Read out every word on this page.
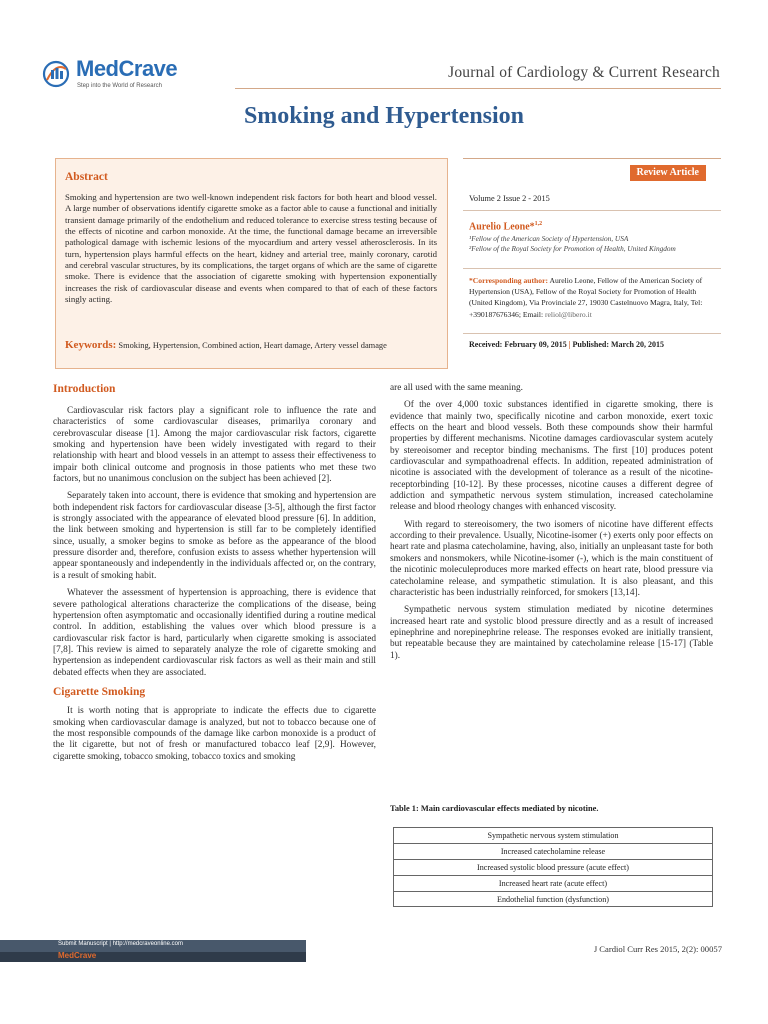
MedCrave
Step into the World of Research
Journal of Cardiology & Current Research
Smoking and Hypertension
Abstract
Smoking and hypertension are two well-known independent risk factors for both heart and blood vessel. A large number of observations identify cigarette smoke as a factor able to cause a functional and initially transient damage primarily of the endothelium and reduced tolerance to exercise stress testing because of the effects of nicotine and carbon monoxide. At the time, the functional damage became an irreversible pathological damage with ischemic lesions of the myocardium and artery vessel atherosclerosis. In its turn, hypertension plays harmful effects on the heart, kidney and arterial tree, mainly coronary, carotid and cerebral vascular structures, by its complications, the target organs of which are the same of cigarette smoke. There is evidence that the association of cigarette smoking with hypertension exponentially increases the risk of cardiovascular disease and events when compared to that of each of these factors singly acting.
Keywords: Smoking, Hypertension, Combined action, Heart damage, Artery vessel damage
Review Article
Volume 2 Issue 2 - 2015
Aurelio Leone*$^{1,2}$
¹Fellow of the American Society of Hypertension, USA
²Fellow of the Royal Society for Promotion of Health, United Kingdom
*Corresponding author: Aurelio Leone, Fellow of the American Society of Hypertension (USA), Fellow of the Royal Society for Promotion of Health (United Kingdom), Via Provinciale 27, 19030 Castelnuovo Magra, Italy, Tel: +390187676346; Email: reliol@libero.it
Received: February 09, 2015 | Published: March 20, 2015
Introduction

Cardiovascular risk factors play a significant role to influence the rate and characteristics of some cardiovascular diseases, primarilya coronary and cerebrovascular disease [1]. Among the major cardiovascular risk factors, cigarette smoking and hypertension have been widely investigated with regard to their relationship with heart and blood vessels in an attempt to assess their effectiveness to impair both clinical outcome and prognosis in those patients who met these two factors, but no unanimous conclusion on the subject has been achieved [2].

Separately taken into account, there is evidence that smoking and hypertension are both independent risk factors for cardiovascular disease [3-5], although the first factor is strongly associated with the appearance of elevated blood pressure [6]. In addition, the link between smoking and hypertension is still far to be completely identified since, usually, a smoker begins to smoke as before as the appearance of the blood pressure disorder and, therefore, confusion exists to assess whether hypertension will appear spontaneously and independently in the individuals affected or, on the contrary, is a result of smoking habit.

Whatever the assessment of hypertension is approaching, there is evidence that severe pathological alterations characterize the complications of the disease, being hypertension often asymptomatic and occasionally identified during a routine medical control. In addition, establishing the values over which blood pressure is a cardiovascular risk factor is hard, particularly when cigarette smoking is associated [7,8]. This review is aimed to separately analyze the role of cigarette smoking and hypertension as independent cardiovascular risk factors as well as their main and still debated effects when they are associated.

Cigarette Smoking

It is worth noting that is appropriate to indicate the effects due to cigarette smoking when cardiovascular damage is analyzed, but not to tobacco because one of the most responsible compounds of the damage like carbon monoxide is a product of the lit cigarette, but not of fresh or manufactured tobacco leaf [2,9]. However, cigarette smoking, tobacco smoking, tobacco toxics and smoking

are all used with the same meaning.

Of the over 4,000 toxic substances identified in cigarette smoking, there is evidence that mainly two, specifically nicotine and carbon monoxide, exert toxic effects on the heart and blood vessels. Both these compounds show their harmful properties by different mechanisms. Nicotine damages cardiovascular system acutely by stereoisomer and receptor binding mechanisms. The first [10] produces potent cardiovascular and sympathoadrenal effects. In addition, repeated administration of nicotine is associated with the development of tolerance as a result of the nicotine-receptorbinding [10-12]. By these processes, nicotine causes a different degree of addiction and sympathetic nervous system stimulation, increased catecholamine release and blood rheology changes with enhanced viscosity.

With regard to stereoisomery, the two isomers of nicotine have different effects according to their prevalence. Usually, Nicotine-isomer (+) exerts only poor effects on heart rate and plasma catecholamine, having, also, initially an unpleasant taste for both smokers and nonsmokers, while Nicotine-isomer (-), which is the main constituent of the nicotinic moleculeproduces more marked effects on heart rate, blood pressure via catecholamine release, and sympathetic stimulation. It is also pleasant, and this characteristic has been industrially reinforced, for smokers [13,14].

Sympathetic nervous system stimulation mediated by nicotine determines increased heart rate and systolic blood pressure directly and as a result of increased epinephrine and norepinephrine release. The responses evoked are initially transient, but repeatable because they are maintained by catecholamine release [15-17] (Table 1).

Table 1: Main cardiovascular effects mediated by nicotine.
Sympathetic nervous system stimulation
Increased catecholamine release
Increased systolic blood pressure (acute effect)
Increased heart rate (acute effect)
Endothelial function (dysfunction)
Submit Manuscript | http://medcraveonline.com
MedCrave
J Cardiol Curr Res 2015, 2(2): 00057
